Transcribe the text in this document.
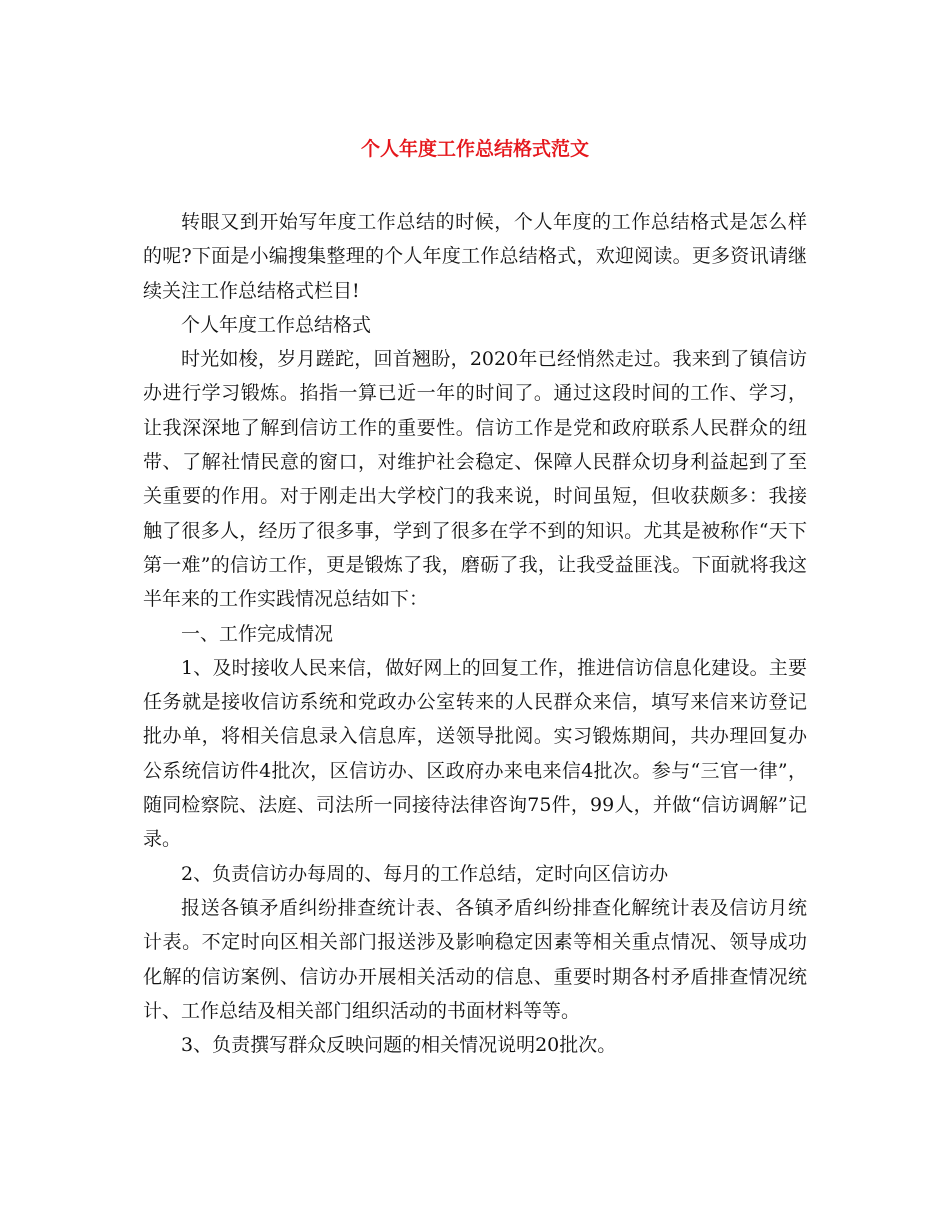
个人年度工作总结格式范文

转眼又到开始写年度工作总结的时候，个人年度的工作总结格式是怎么样的呢?下面是小编搜集整理的个人年度工作总结格式，欢迎阅读。更多资讯请继续关注工作总结格式栏目!

个人年度工作总结格式

时光如梭，岁月蹉跎，回首翘盼，2020年已经悄然走过。我来到了镇信访办进行学习锻炼。掐指一算已近一年的时间了。通过这段时间的工作、学习，让我深深地了解到信访工作的重要性。信访工作是党和政府联系人民群众的纽带、了解社情民意的窗口，对维护社会稳定、保障人民群众切身利益起到了至关重要的作用。对于刚走出大学校门的我来说，时间虽短，但收获颇多：我接触了很多人，经历了很多事，学到了很多在学不到的知识。尤其是被称作“天下第一难”的信访工作，更是锻炼了我，磨砺了我，让我受益匪浅。下面就将我这半年来的工作实践情况总结如下：

一、工作完成情况

1、及时接收人民来信，做好网上的回复工作，推进信访信息化建设。主要任务就是接收信访系统和党政办公室转来的人民群众来信，填写来信来访登记批办单，将相关信息录入信息库，送领导批阅。实习锻炼期间，共办理回复办公系统信访件4批次，区信访办、区政府办来电来信4批次。参与“三官一律”，随同检察院、法庭、司法所一同接待法律咨询75件，99人，并做“信访调解”记录。

2、负责信访办每周的、每月的工作总结，定时向区信访办

报送各镇矛盾纠纷排查统计表、各镇矛盾纠纷排查化解统计表及信访月统计表。不定时向区相关部门报送涉及影响稳定因素等相关重点情况、领导成功化解的信访案例、信访办开展相关活动的信息、重要时期各村矛盾排查情况统计、工作总结及相关部门组织活动的书面材料等等。

3、负责撰写群众反映问题的相关情况说明20批次。
